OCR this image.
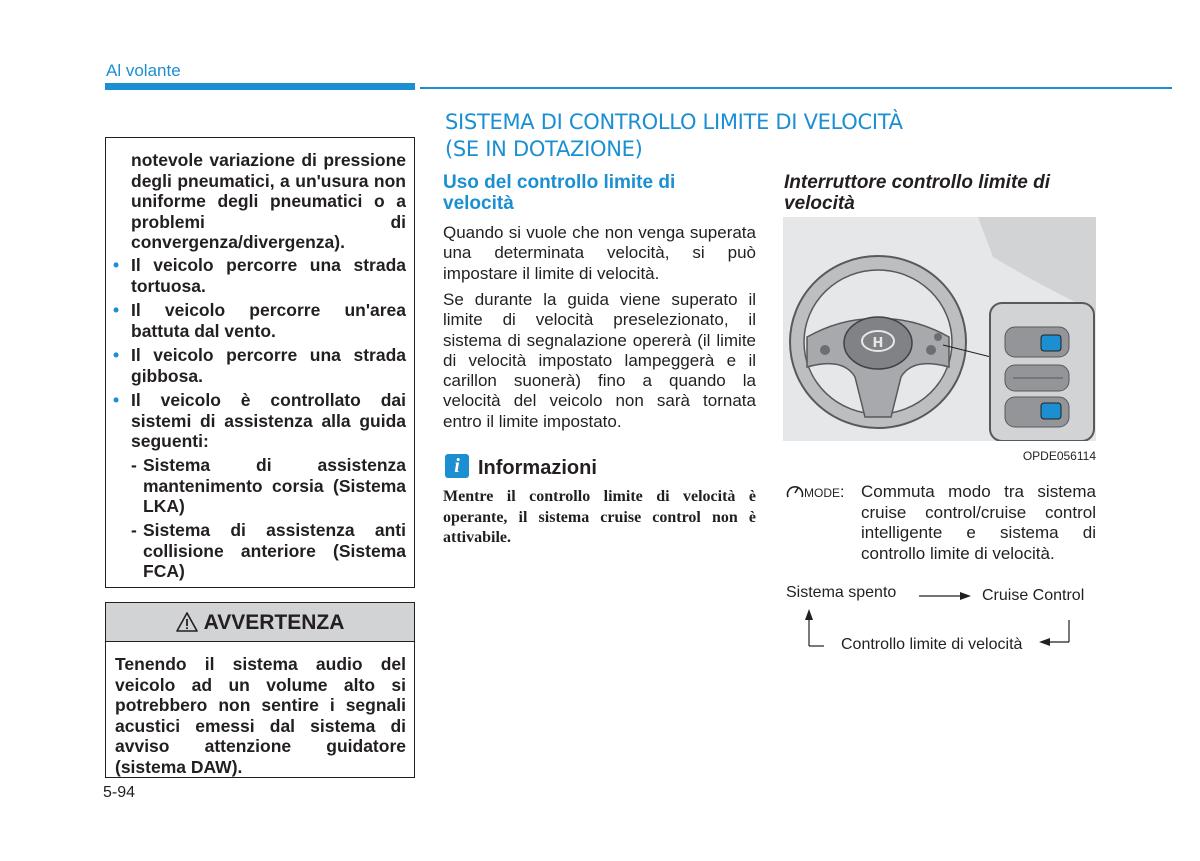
Al volante
notevole variazione di pressione degli pneumatici, a un'usura non uniforme degli pneumatici o a problemi di convergenza/divergenza).
• Il veicolo percorre una strada tortuosa.
• Il veicolo percorre un'area battuta dal vento.
• Il veicolo percorre una strada gibbosa.
• Il veicolo è controllato dai sistemi di assistenza alla guida seguenti:
- Sistema di assistenza mantenimento corsia (Sistema LKA)
- Sistema di assistenza anti collisione anteriore (Sistema FCA)
AVVERTENZA
Tenendo il sistema audio del veicolo ad un volume alto si potrebbero non sentire i segnali acustici emessi dal sistema di avviso attenzione guidatore (sistema DAW).
5-94
SISTEMA DI CONTROLLO LIMITE DI VELOCITÀ
(SE IN DOTAZIONE)
Uso del controllo limite di velocità
Quando si vuole che non venga superata una determinata velocità, si può impostare il limite di velocità.
Se durante la guida viene superato il limite di velocità preselezionato, il sistema di segnalazione opererà (il limite di velocità impostato lampeggerà e il carillon suonerà) fino a quando la velocità del veicolo non sarà tornata entro il limite impostato.
i Informazioni
Mentre il controllo limite di velocità è operante, il sistema cruise control non è attivabile.
Interruttore controllo limite di velocità
H
OPDE056114
MODE: Commuta modo tra sistema cruise control/cruise control intelligente e sistema di controllo limite di velocità.
Sistema spento	Cruise Control
Controllo limite di velocità
